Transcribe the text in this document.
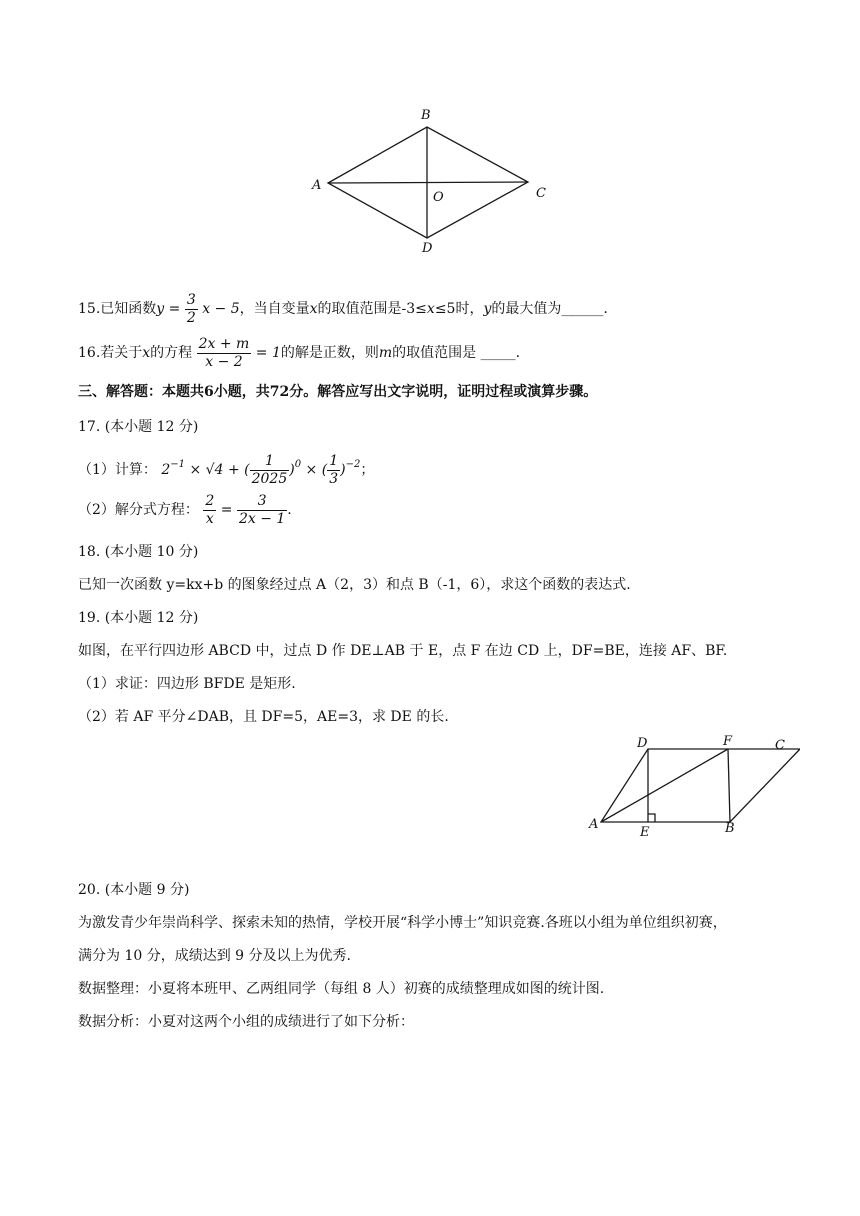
B
A
O	C
D
15.已知函数$y = \frac{3}{2}$ x − 5，当自变量x的取值范围是-3≤x≤5时，y的最大值为______.
16.若关于x的方程 $\frac{2x + m}{x - 2} = 1$的解是正数，则m的取值范围是 _____.
三、解答题：本题共6小题，共72分。解答应写出文字说明，证明过程或演算步骤。
17. (本小题 12 分)
（1）计算： $2^{-1} \times √4$ + ( $\frac{1}{2025} )^0$ × ( $\frac{1}{3} )^{-2}$；
（2）解分式方程： $\frac{2}{x} = \frac{3}{2x - 1}$ .
18. (本小题 10 分)
已知一次函数 y=kx+b 的图象经过点 A（2，3）和点 B（-1，6），求这个函数的表达式.
19. (本小题 12 分)
如图，在平行四边形 ABCD 中，过点 D 作 DE⊥AB 于 E，点 F 在边 CD 上，DF=BE，连接 AF、BF.
（1）求证：四边形 BFDE 是矩形.
（2）若 AF 平分∠DAB，且 DF=5，AE=3，求 DE 的长.
D	F	C
A
E	B
20. (本小题 9 分)
为激发青少年崇尚科学、探索未知的热情，学校开展“科学小博士”知识竞赛.各班以小组为单位组织初赛，
满分为 10 分，成绩达到 9 分及以上为优秀.
数据整理：小夏将本班甲、乙两组同学（每组 8 人）初赛的成绩整理成如图的统计图.
数据分析：小夏对这两个小组的成绩进行了如下分析：
